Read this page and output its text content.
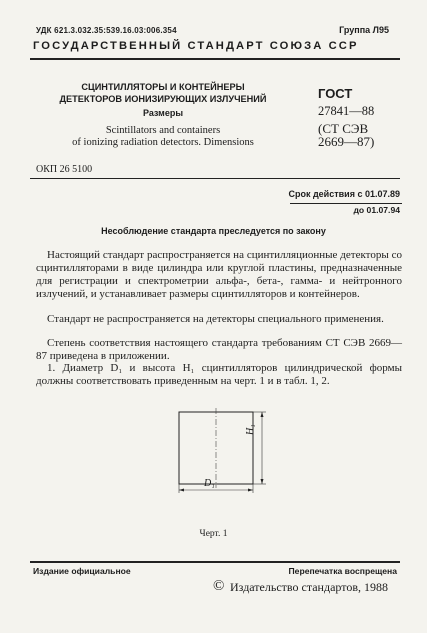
УДК 621.3.032.35:539.16.03:006.354	Группа Л95
ГОСУДАРСТВЕННЫЙ СТАНДАРТ СОЮЗА ССР
СЦИНТИЛЛЯТОРЫ И КОНТЕЙНЕРЫ
ДЕТЕКТОРОВ ИОНИЗИРУЮЩИХ ИЗЛУЧЕНИЙ
Размеры
Scintillators and containers
of ionizing radiation detectors. Dimensions
ГОСТ
27841—88
(СТ СЭВ
2669—87)
ОКП 26 5100
Срок действия с 01.07.89
до 01.07.94
Несоблюдение стандарта преследуется по закону
Настоящий стандарт распространяется на сцинтилляционные детекторы со сцинтилляторами в виде цилиндра или круглой пластины, предназначенные для регистрации и спектрометрии альфа-, бета-, гамма- и нейтронного излучений, и устанавливает размеры сцинтилляторов и контейнеров.
Стандарт не распространяется на детекторы специального применения.
Степень соответствия настоящего стандарта требованиям СТ СЭВ 2669—87 приведена в приложении.
1. Диаметр D₁ и высота H₁ сцинтилляторов цилиндрической формы должны соответствовать приведенным на черт. 1 и в табл. 1, 2.
H₁
D₁
Черт. 1
Издание официальное	Перепечатка воспрещена
© Издательство стандартов, 1988
